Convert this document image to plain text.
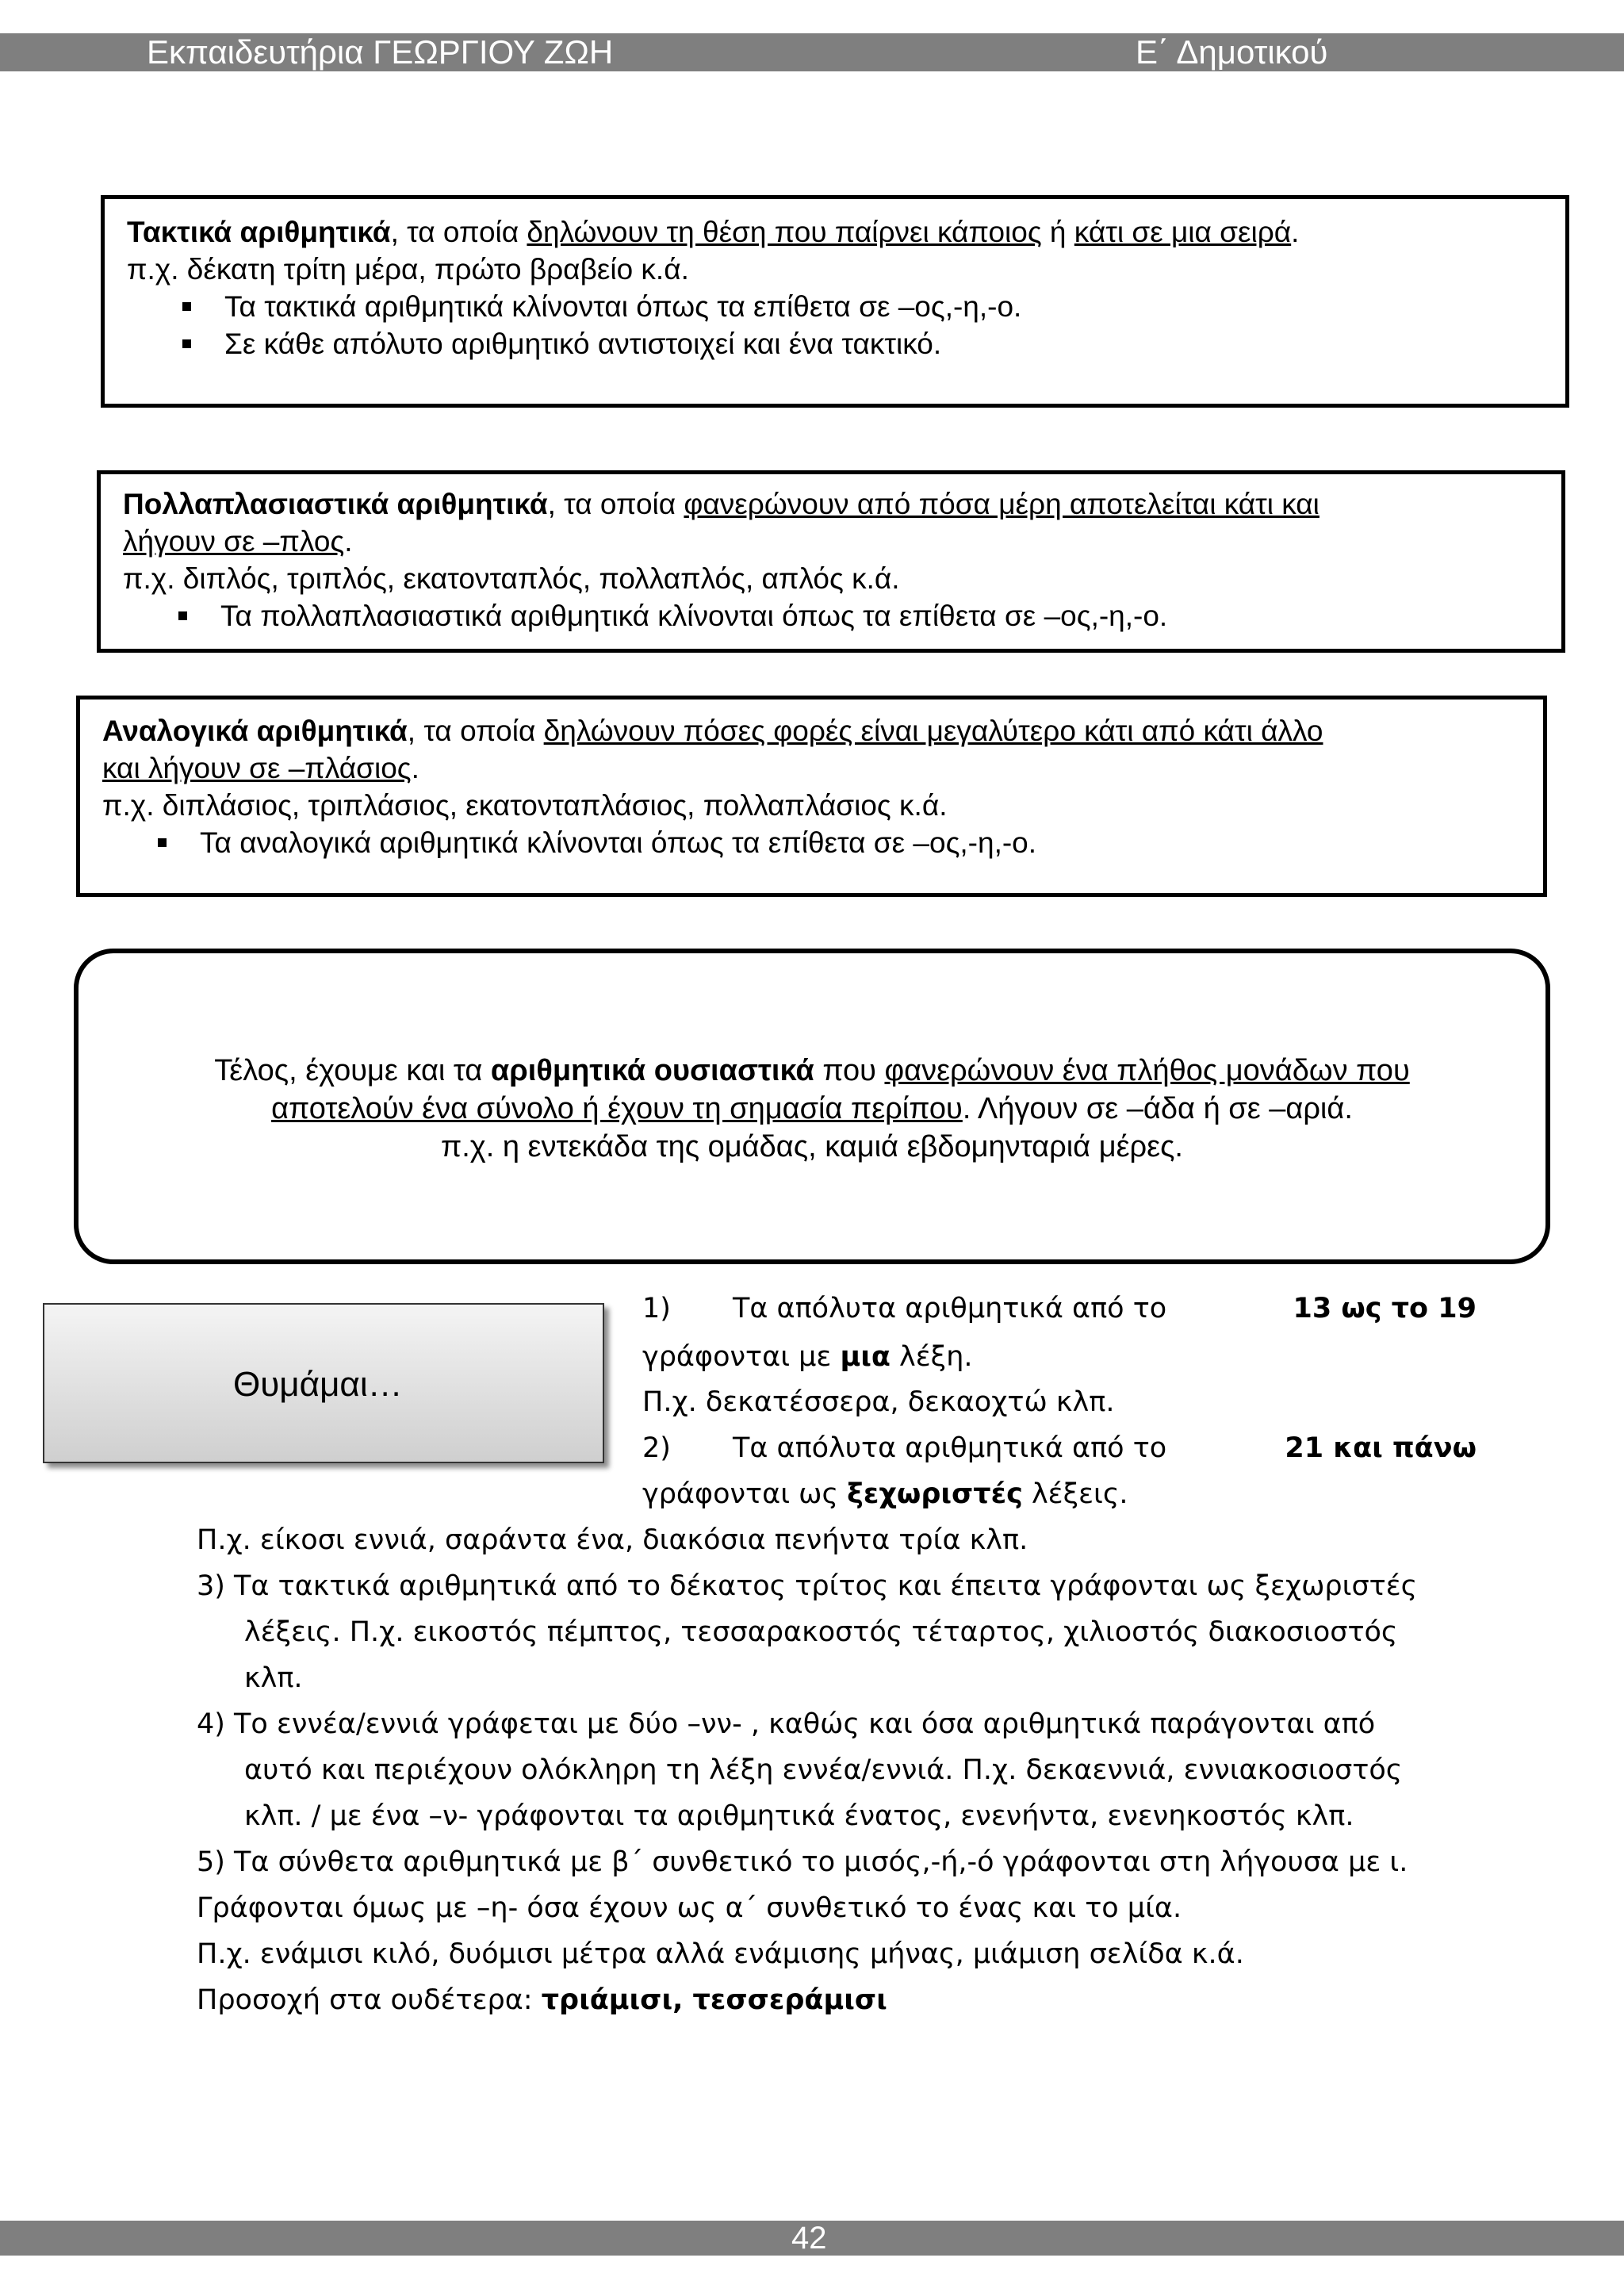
Εκπαιδευτήρια ΓΕΩΡΓΙΟΥ ΖΩΗ	Ε΄ Δημοτικού

Τακτικά αριθμητικά, τα οποία δηλώνουν τη θέση που παίρνει κάποιος ή κάτι σε μια σειρά.

π.χ. δέκατη τρίτη μέρα, πρώτο βραβείο κ.ά.

Τα τακτικά αριθμητικά κλίνονται όπως τα επίθετα σε –ος,-η,-ο.

Σε κάθε απόλυτο αριθμητικό αντιστοιχεί και ένα τακτικό.

Πολλαπλασιαστικά αριθμητικά, τα οποία φανερώνουν από πόσα μέρη αποτελείται κάτι και

λήγουν σε –πλος.

π.χ. διπλός, τριπλός, εκατονταπλός, πολλαπλός, απλός κ.ά.

Τα πολλαπλασιαστικά αριθμητικά κλίνονται όπως τα επίθετα σε –ος,-η,-ο.

Αναλογικά αριθμητικά, τα οποία δηλώνουν πόσες φορές είναι μεγαλύτερο κάτι από κάτι άλλο

και λήγουν σε –πλάσιος.

π.χ. διπλάσιος, τριπλάσιος, εκατονταπλάσιος, πολλαπλάσιος κ.ά.

Τα αναλογικά αριθμητικά κλίνονται όπως τα επίθετα σε –ος,-η,-ο.

Τέλος, έχουμε και τα αριθμητικά ουσιαστικά που φανερώνουν ένα πλήθος μονάδων που

αποτελούν ένα σύνολο ή έχουν τη σημασία περίπου. Λήγουν σε –άδα ή σε –αριά.

π.χ. η εντεκάδα της ομάδας, καμιά εβδομηνταριά μέρες.

Θυμάμαι…
1) Τα απόλυτα αριθμητικά από το	13 ως το 19
γράφονται με μια λέξη.
Π.χ. δεκατέσσερα, δεκαοχτώ κλπ.
2) Τα απόλυτα αριθμητικά από το	21 και πάνω
γράφονται ως ξεχωριστές λέξεις.
Π.χ. είκοσι εννιά, σαράντα ένα, διακόσια πενήντα τρία κλπ.
3) Τα τακτικά αριθμητικά από το δέκατος τρίτος και έπειτα γράφονται ως ξεχωριστές
λέξεις. Π.χ. εικοστός πέμπτος, τεσσαρακοστός τέταρτος, χιλιοστός διακοσιοστός
κλπ.
4) Το εννέα/εννιά γράφεται με δύο –νν- , καθώς και όσα αριθμητικά παράγονται από
αυτό και περιέχουν ολόκληρη τη λέξη εννέα/εννιά. Π.χ. δεκαεννιά, εννιακοσιοστός
κλπ. / με ένα –ν- γράφονται τα αριθμητικά ένατος, ενενήντα, ενενηκοστός κλπ.
5) Τα σύνθετα αριθμητικά με β΄ συνθετικό το μισός,-ή,-ό γράφονται στη λήγουσα με ι.
Γράφονται όμως με –η- όσα έχουν ως α΄ συνθετικό το ένας και το μία.
Π.χ. ενάμισι κιλό, δυόμισι μέτρα αλλά ενάμισης μήνας, μιάμιση σελίδα κ.ά.
Προσοχή στα ουδέτερα: τριάμισι, τεσσεράμισι
42
